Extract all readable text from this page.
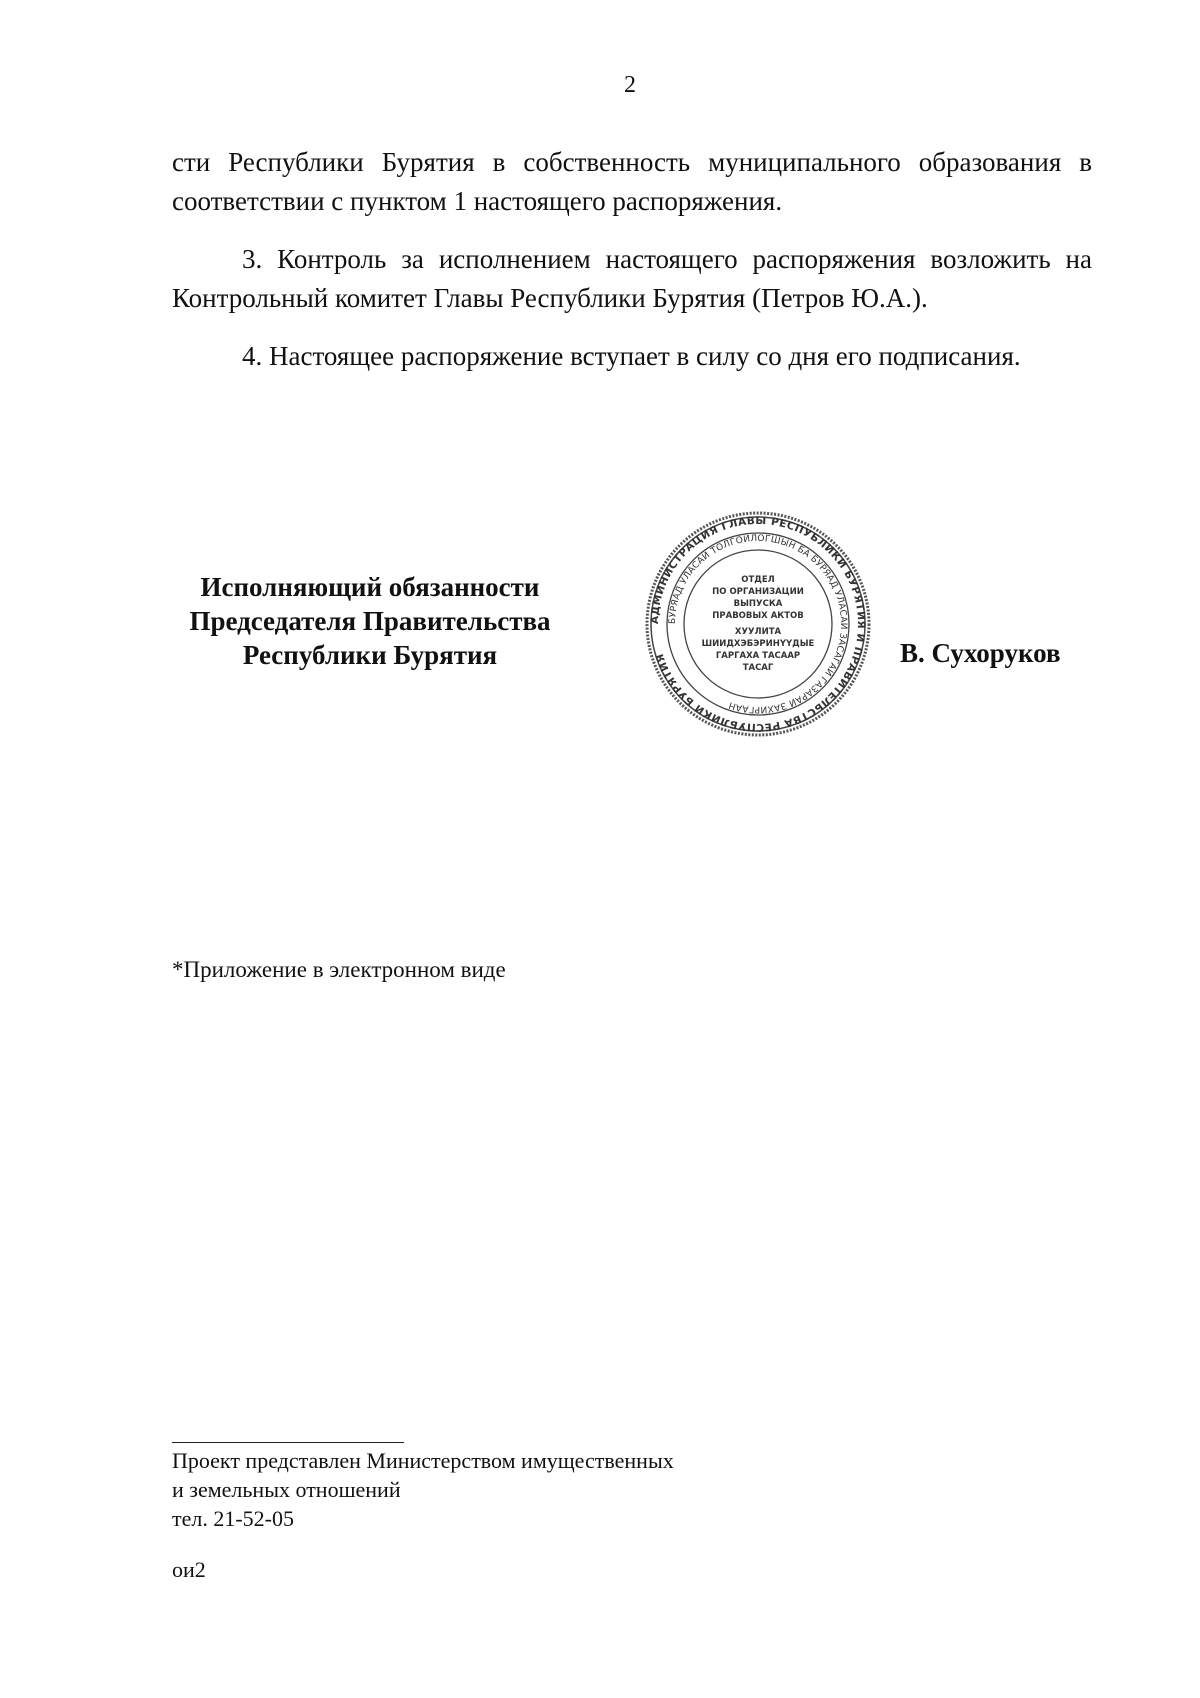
2
сти Республики Бурятия в собственность муниципального образования в соответствии с пунктом 1 настоящего распоряжения.
3. Контроль за исполнением настоящего распоряжения возложить на Контрольный комитет Главы Республики Бурятия (Петров Ю.А.).
4. Настоящее распоряжение вступает в силу со дня его подписания.
Исполняющий обязанности
Председателя Правительства
Республики Бурятия
АДМИНИСТРАЦИЯ ГЛАВЫ РЕСПУБЛИКИ БУРЯТИЯ И ПРАВИТЕЛЬСТВА РЕСПУБЛИКИ БУРЯТИЯ
БУРЯАД УЛАСАЙ ТОЛГОЙЛОГШЫН БА БУРЯАД УЛАСАЙ ЗАСАГАЙ ГАЗАРАЙ ЗАХИРГААН
ОТДЕЛ
ПО ОРГАНИЗАЦИИ
ВЫПУСКА
ПРАВОВЫХ АКТОВ
ХУУЛИТА
ШИИДХЭБЭРИНҮҮДЫЕ
ГАРГАХА ТАСААР
ТАСАГ	В. Сухоруков
*Приложение в электронном виде
Проект представлен Министерством имущественных
и земельных отношений
тел. 21-52-05
ои2
